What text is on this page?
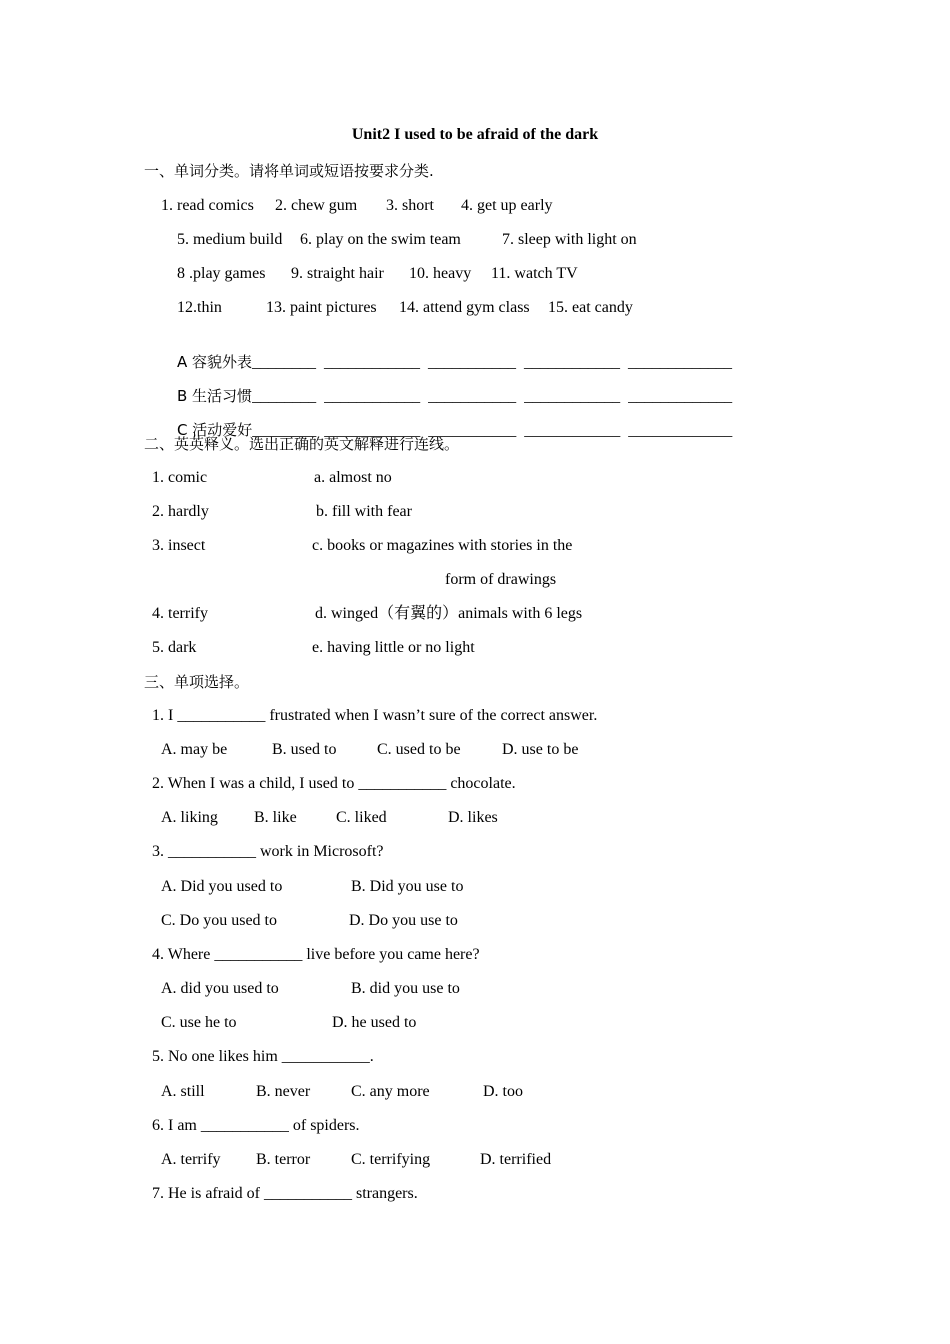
Unit2 I used to be afraid of the dark
一、单词分类。请将单词或短语按要求分类.
1. read comics 2. chew gum 3. short 4. get up early
5. medium build 6. play on the swim team	7. sleep with light on
8 .play games 9. straight hair 10. heavy 11. watch TV
12.thin	13. paint pictures 14. attend gym class 15. eat candy

A 容貌外表________  ____________  ___________  ____________  _____________

B 生活习惯________  ____________  ___________  ____________  _____________

C 活动爱好________  ____________  ___________  ____________  _____________

二、英英释义。选出正确的英文解释进行连线。
1. comic	a. almost no
2. hardly	b. fill with fear
3. insect	c. books or magazines with stories in the
form of drawings
4. terrify	d. winged（有翼的）animals with 6 legs
5. dark	e. having little or no light
三、单项选择。
1. I ___________ frustrated when I wasn’t sure of the correct answer.
A. may be	B. used to	C. used to be	D. use to be
2. When I was a child, I used to ___________ chocolate.
A. liking B. like C. liked	D. likes
3. ___________ work in Microsoft?
A. Did you used to	B. Did you use to
C. Do you used to	D. Do you use to
4. Where ___________ live before you came here?
A. did you used to	B. did you use to
C. use he to	D. he used to
5. No one likes him ___________.
A. still	B. never	C. any more	D. too
6. I am ___________ of spiders.
A. terrify B. terror	C. terrifying	D. terrified
7. He is afraid of ___________ strangers.
